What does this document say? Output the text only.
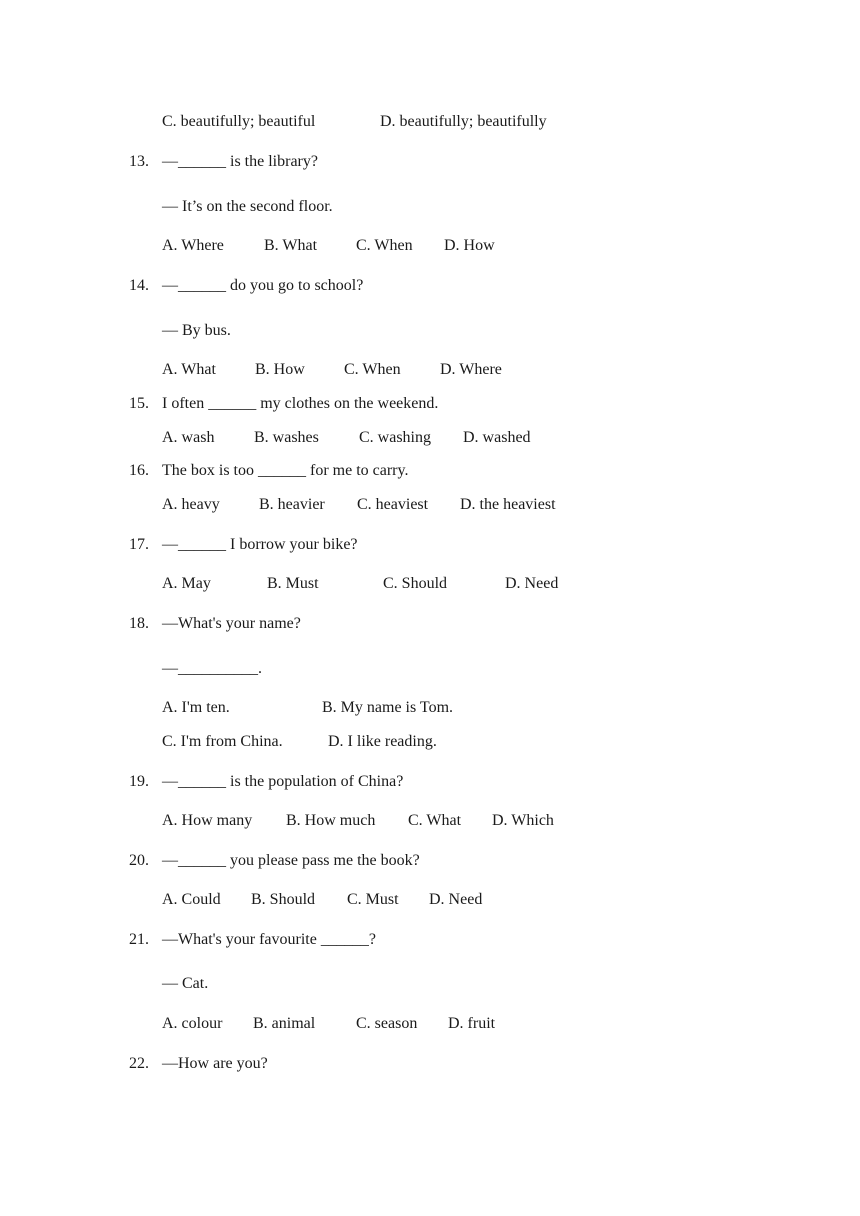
C. beautifully; beautiful	D. beautifully; beautifully
13. —______ is the library?
— It’s on the second floor.
A. Where	B. What C. When D. How
14. —______ do you go to school?
— By bus.
A. What B. How C. When D. Where
15. I often ______ my clothes on the weekend.
A. wash B. washes	C. washing D. washed
16. The box is too ______ for me to carry.
A. heavy B. heavier C. heaviest D. the heaviest
17. —______ I borrow your bike?
A. May	B. Must	C. Should	D. Need
18. —What's your name?
—__________.
A. I'm ten.	B. My name is Tom.
C. I'm from China.	D. I like reading.
19. —______ is the population of China?
A. How many B. How much C. What D. Which
20. —______ you please pass me the book?
A. Could B. Should C. Must D. Need
21. —What's your favourite ______?
— Cat.
A. colour B. animal	C. season D. fruit
22. —How are you?
